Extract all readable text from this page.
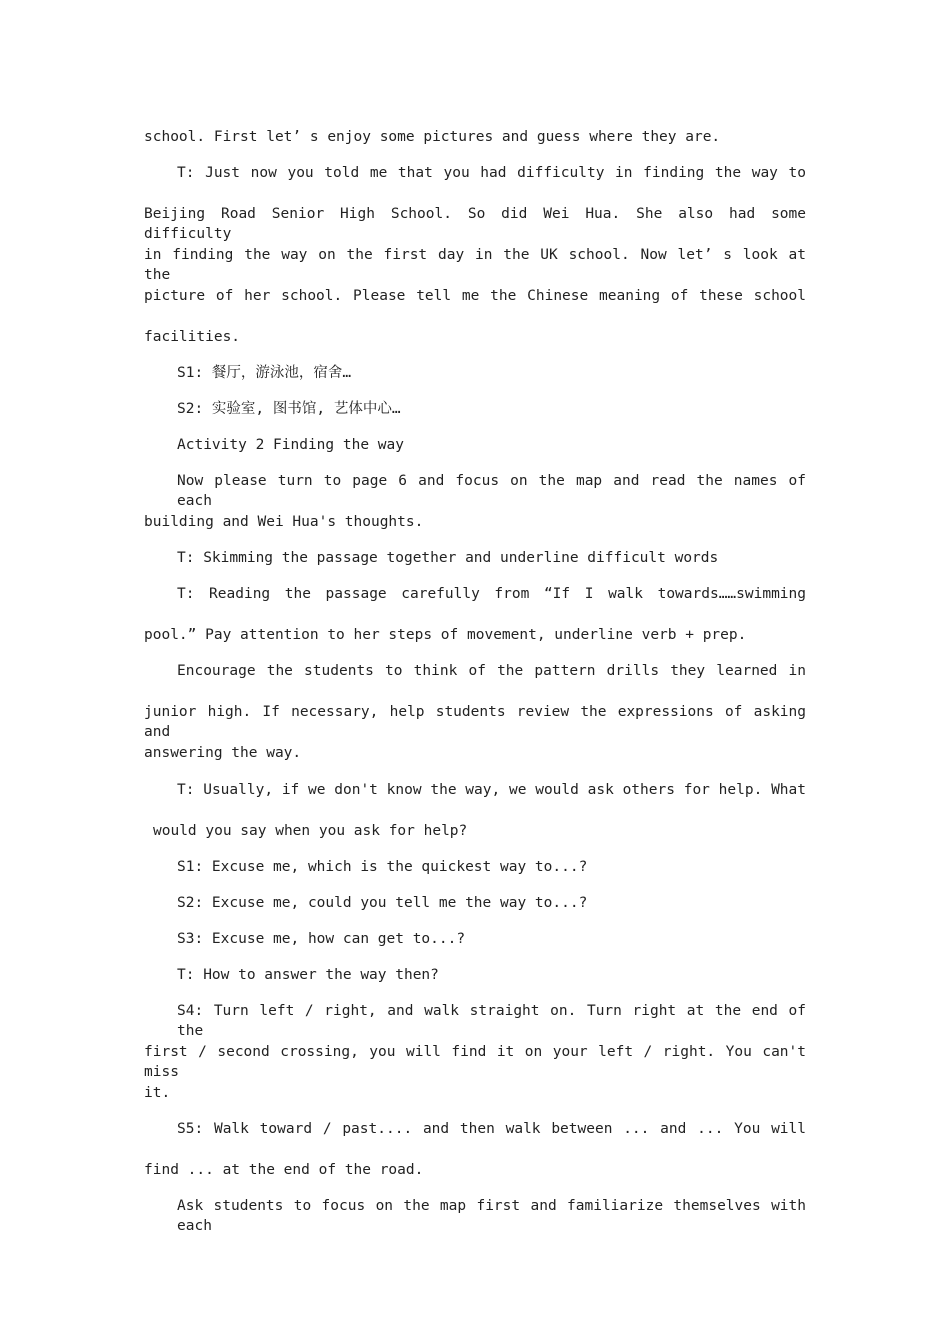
school. First let’ s enjoy some pictures and guess where they are.
T: Just now you told me that you had difficulty in finding the way to
Beijing Road Senior High School. So did Wei Hua. She also had some difficulty
in finding the way on the first day in the UK school. Now let’ s look at the
picture of her school. Please tell me the Chinese meaning of these school
facilities.
S1: 餐厅，游泳池，宿舍…
S2: 实验室, 图书馆, 艺体中心…
Activity 2 Finding the way
Now please turn to page 6 and focus on the map and read the names of each
building and Wei Hua's thoughts.
T: Skimming the passage together and underline difficult words
T: Reading the passage carefully from “If I walk towards……swimming
pool.” Pay attention to her steps of movement, underline verb + prep.
Encourage the students to think of the pattern drills they learned in
junior high. If necessary, help students review the expressions of asking and
answering the way.
T: Usually, if we don't know the way, we would ask others for help. What
would you say when you ask for help?
S1: Excuse me, which is the quickest way to...?
S2: Excuse me, could you tell me the way to...?
S3: Excuse me, how can get to...?
T: How to answer the way then?
S4: Turn left / right, and walk straight on. Turn right at the end of the
first / second crossing, you will find it on your left / right. You can't miss
it.
S5: Walk toward / past.... and then walk between ... and ... You will
find ... at the end of the road.
Ask students to focus on the map first and familiarize themselves with each
